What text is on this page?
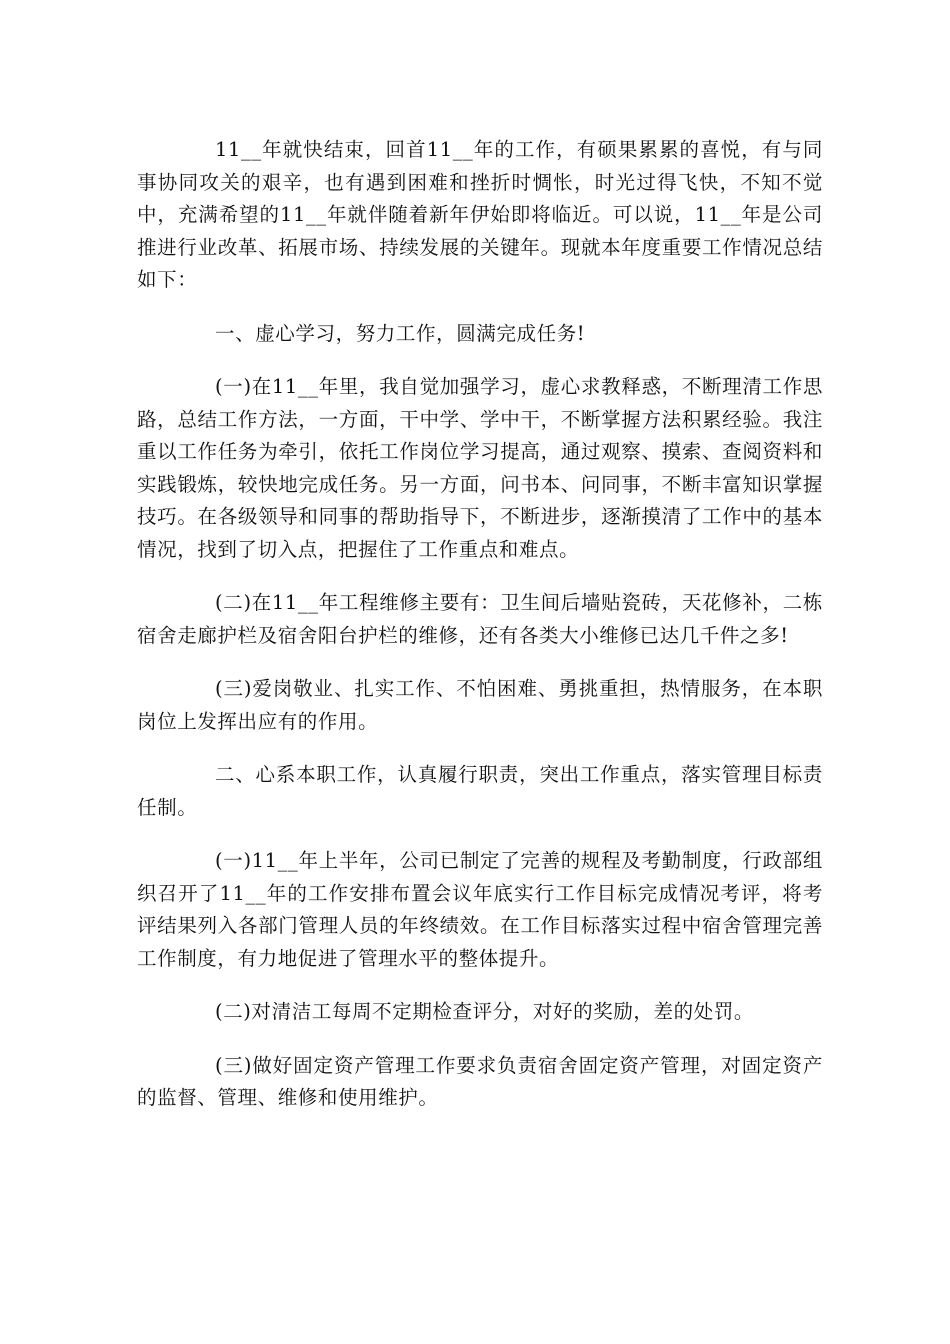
11__年就快结束，回首11__年的工作，有硕果累累的喜悦，有与同事协同攻关的艰辛，也有遇到困难和挫折时惆怅，时光过得飞快，不知不觉中，充满希望的11__年就伴随着新年伊始即将临近。可以说，11__年是公司推进行业改革、拓展市场、持续发展的关键年。现就本年度重要工作情况总结如下：

一、虚心学习，努力工作，圆满完成任务!

(一)在11__年里，我自觉加强学习，虚心求教释惑，不断理清工作思路，总结工作方法，一方面，干中学、学中干，不断掌握方法积累经验。我注重以工作任务为牵引，依托工作岗位学习提高，通过观察、摸索、查阅资料和实践锻炼，较快地完成任务。另一方面，问书本、问同事，不断丰富知识掌握技巧。在各级领导和同事的帮助指导下，不断进步，逐渐摸清了工作中的基本情况，找到了切入点，把握住了工作重点和难点。

(二)在11__年工程维修主要有：卫生间后墙贴瓷砖，天花修补，二栋宿舍走廊护栏及宿舍阳台护栏的维修，还有各类大小维修已达几千件之多!

(三)爱岗敬业、扎实工作、不怕困难、勇挑重担，热情服务，在本职岗位上发挥出应有的作用。

二、心系本职工作，认真履行职责，突出工作重点，落实管理目标责任制。

(一)11__年上半年，公司已制定了完善的规程及考勤制度，行政部组织召开了11__年的工作安排布置会议年底实行工作目标完成情况考评，将考评结果列入各部门管理人员的年终绩效。在工作目标落实过程中宿舍管理完善工作制度，有力地促进了管理水平的整体提升。

(二)对清洁工每周不定期检查评分，对好的奖励，差的处罚。

(三)做好固定资产管理工作要求负责宿舍固定资产管理，对固定资产的监督、管理、维修和使用维护。
